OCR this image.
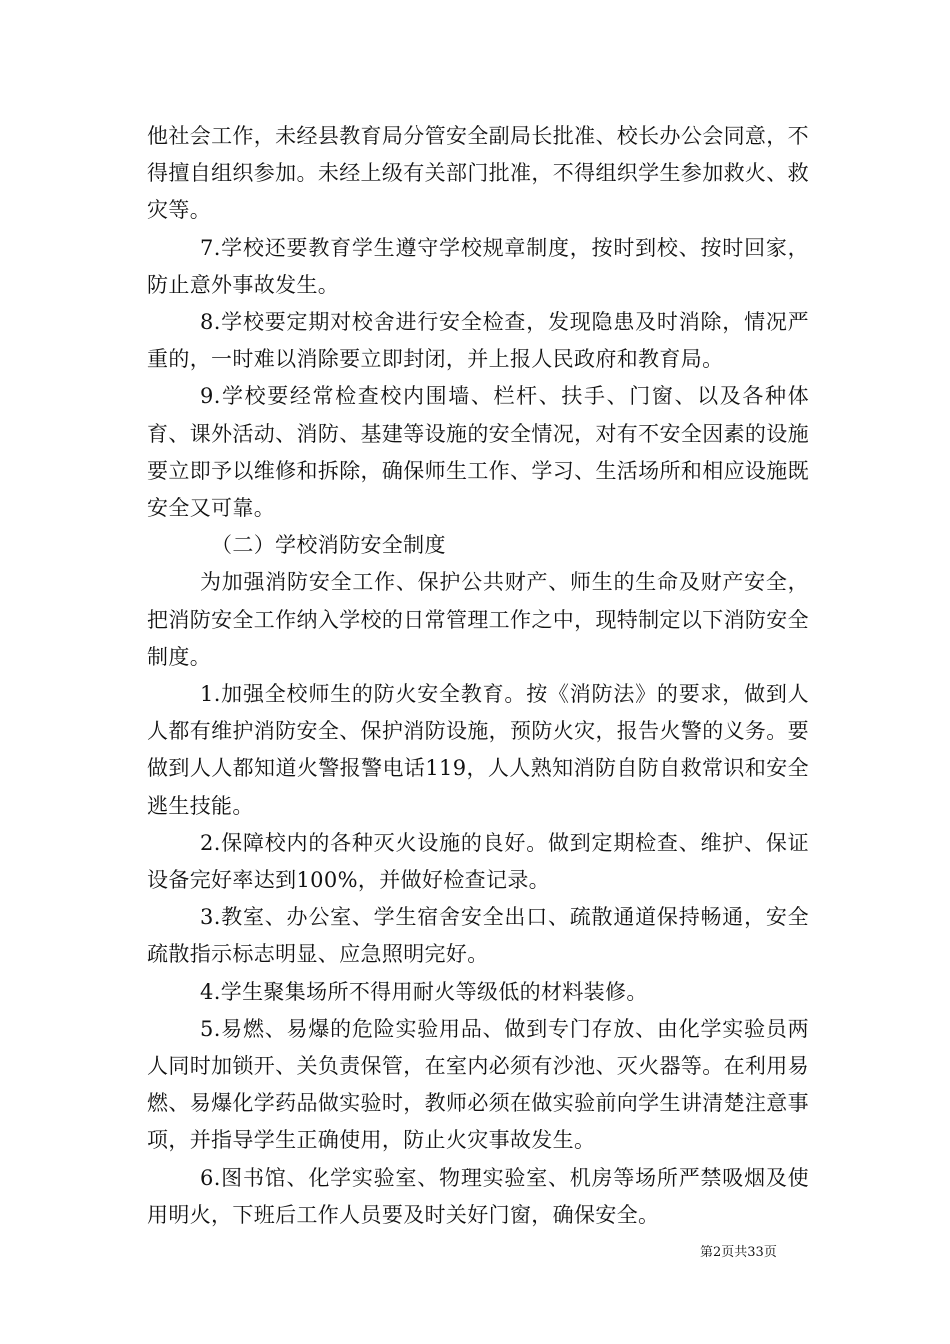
他社会工作，未经县教育局分管安全副局长批准、校长办公会同意，不得擅自组织参加。未经上级有关部门批准，不得组织学生参加救火、救灾等。

7.学校还要教育学生遵守学校规章制度，按时到校、按时回家，防止意外事故发生。

8.学校要定期对校舍进行安全检查，发现隐患及时消除，情况严重的，一时难以消除要立即封闭，并上报人民政府和教育局。

9.学校要经常检查校内围墙、栏杆、扶手、门窗、以及各种体育、课外活动、消防、基建等设施的安全情况，对有不安全因素的设施要立即予以维修和拆除，确保师生工作、学习、生活场所和相应设施既安全又可靠。

（二）学校消防安全制度

为加强消防安全工作、保护公共财产、师生的生命及财产安全，把消防安全工作纳入学校的日常管理工作之中，现特制定以下消防安全制度。

1.加强全校师生的防火安全教育。按《消防法》的要求，做到人人都有维护消防安全、保护消防设施，预防火灾，报告火警的义务。要做到人人都知道火警报警电话119，人人熟知消防自防自救常识和安全逃生技能。

2.保障校内的各种灭火设施的良好。做到定期检查、维护、保证设备完好率达到100%，并做好检查记录。

3.教室、办公室、学生宿舍安全出口、疏散通道保持畅通，安全疏散指示标志明显、应急照明完好。

4.学生聚集场所不得用耐火等级低的材料装修。

5.易燃、易爆的危险实验用品、做到专门存放、由化学实验员两人同时加锁开、关负责保管，在室内必须有沙池、灭火器等。在利用易燃、易爆化学药品做实验时，教师必须在做实验前向学生讲清楚注意事项，并指导学生正确使用，防止火灾事故发生。

6.图书馆、化学实验室、物理实验室、机房等场所严禁吸烟及使用明火，下班后工作人员要及时关好门窗，确保安全。

第2页共33页
